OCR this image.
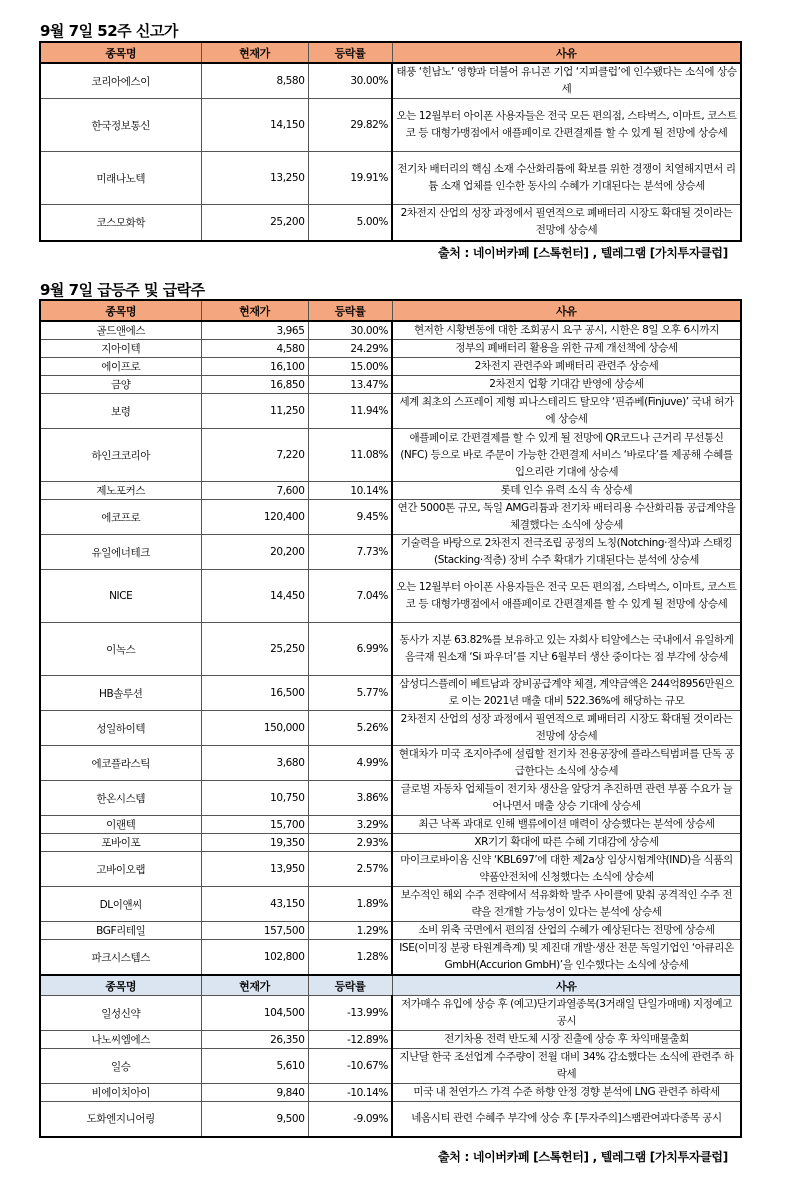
9월 7일 52주 신고가
종목명	현재가	등락률	사유
코리아에스이	8,580	30.00%	태풍 ‘힌남노’ 영향과 더불어 유니콘 기업 ‘지피클럽’에 인수됐다는 소식에 상승세
한국정보통신	14,150	29.82%	오는 12월부터 아이폰 사용자들은 전국 모든 편의점, 스타벅스, 이마트, 코스트코 등 대형가맹점에서 애플페이로 간편결제를 할 수 있게 될 전망에 상승세
미래나노텍	13,250	19.91%	전기차 배터리의 핵심 소재 수산화리튬에 확보를 위한 경쟁이 치열해지면서 리튬 소재 업체를 인수한 동사의 수혜가 기대된다는 분석에 상승세
코스모화학	25,200	5.00%	2차전지 산업의 성장 과정에서 필연적으로 폐배터리 시장도 확대될 것이라는 전망에 상승세
출처 : 네이버카페 [스톡헌터] , 텔레그램 [가치투자클럽]
9월 7일 급등주 및 급락주
종목명	현재가	등락률	사유
골드앤에스	3,965	30.00%	현저한 시황변동에 대한 조회공시 요구 공시, 시한은 8일 오후 6시까지
지아이텍	4,580	24.29%	정부의 폐배터리 활용을 위한 규제 개선책에 상승세
에이프로	16,100	15.00%	2차전지 관련주와 폐배터리 관련주 상승세
금양	16,850	13.47%	2차전지 업황 기대감 반영에 상승세
보령	11,250	11.94%	세계 최초의 스프레이 제형 피나스테리드 탈모약 ‘핀쥬베(Finjuve)’ 국내 허가에 상승세
하인크코리아	7,220	11.08%	애플페이로 간편결제를 할 수 있게 될 전망에 QR코드나 근거리 무선통신(NFC) 등으로 바로 주문이 가능한 간편결제 서비스 ‘바로다’를 제공해 수혜를 입으리란 기대에 상승세
제노포커스	7,600	10.14%	롯데 인수 유력 소식 속 상승세
에코프로	120,400	9.45%	연간 5000톤 규모, 독일 AMG리튬과 전기차 배터리용 수산화리튬 공급계약을 체결했다는 소식에 상승세
유일에너테크	20,200	7.73%	기술력을 바탕으로 2차전지 전극조립 공정의 노칭(Notching·절삭)과 스태킹(Stacking·적층) 장비 수주 확대가 기대된다는 분석에 상승세
NICE	14,450	7.04%	오는 12월부터 아이폰 사용자들은 전국 모든 편의점, 스타벅스, 이마트, 코스트코 등 대형가맹점에서 애플페이로 간편결제를 할 수 있게 될 전망에 상승세
이녹스	25,250	6.99%	동사가 지분 63.82%를 보유하고 있는 자회사 티알에스는 국내에서 유일하게 음극재 원소재 ‘Si 파우더’를 지난 6월부터 생산 중이다는 점 부각에 상승세
HB솔루션	16,500	5.77%	삼성디스플레이 베트남과 장비공급계약 체결, 계약금액은 244억8956만원으로 이는 2021년 매출 대비 522.36%에 해당하는 규모
성일하이텍	150,000	5.26%	2차전지 산업의 성장 과정에서 필연적으로 폐배터리 시장도 확대될 것이라는 전망에 상승세
에코플라스틱	3,680	4.99%	현대차가 미국 조지아주에 설립할 전기차 전용공장에 플라스틱범퍼를 단독 공급한다는 소식에 상승세
한온시스템	10,750	3.86%	글로벌 자동차 업체들이 전기차 생산을 앞당겨 추진하면 관련 부품 수요가 늘어나면서 매출 상승 기대에 상승세
이랜텍	15,700	3.29%	최근 낙폭 과대로 인해 밸류에이션 매력이 상승했다는 분석에 상승세
포바이포	19,350	2.93%	XR기기 확대에 따른 수혜 기대감에 상승세
고바이오랩	13,950	2.57%	마이크로바이옴 신약 ‘KBL697’에 대한 제2a상 임상시험계약(IND)을 식품의약품안전처에 신청했다는 소식에 상승세
DL이앤씨	43,150	1.89%	보수적인 해외 수주 전략에서 석유화학 발주 사이클에 맞춰 공격적인 수주 전략을 전개할 가능성이 있다는 분석에 상승세
BGF리테일	157,500	1.29%	소비 위축 국면에서 편의점 산업의 수혜가 예상된다는 전망에 상승세
파크시스템스	102,800	1.28%	ISE(이미징 분광 타원계측계) 및 제진대 개발·생산 전문 독일기업인 ‘아큐리온GmbH(Accurion GmbH)’을 인수했다는 소식에 상승세
종목명	현재가	등락률	사유
일성신약	104,500	-13.99%	저가매수 유입에 상승 후 (예고)단기과열종목(3거래일 단일가매매) 지정예고 공시
나노씨엠에스	26,350	-12.89%	전기차용 전력 반도체 시장 진출에 상승 후 차익매물출회
일승	5,610	-10.67%	지난달 한국 조선업계 수주량이 전월 대비 34% 감소했다는 소식에 관련주 하락세
비에이치아이	9,840	-10.14%	미국 내 천연가스 가격 수준 하향 안정 경향 분석에 LNG 관련주 하락세
도화엔지니어링	9,500	-9.09%	네옴시티 관련 수혜주 부각에 상승 후 [투자주의]스팸관여과다종목 공시
출처 : 네이버카페 [스톡헌터] , 텔레그램 [가치투자클럽]
